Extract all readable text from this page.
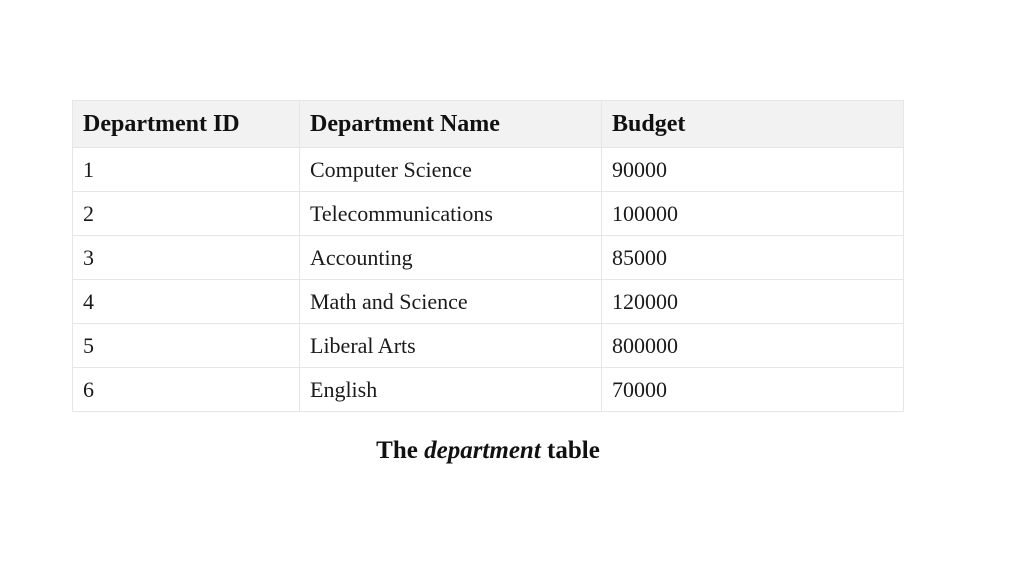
Department ID	Department Name	Budget
1	Computer Science	90000
2	Telecommunications	100000
3	Accounting	85000
4	Math and Science	120000
5	Liberal Arts	800000
6	English	70000
The department table
